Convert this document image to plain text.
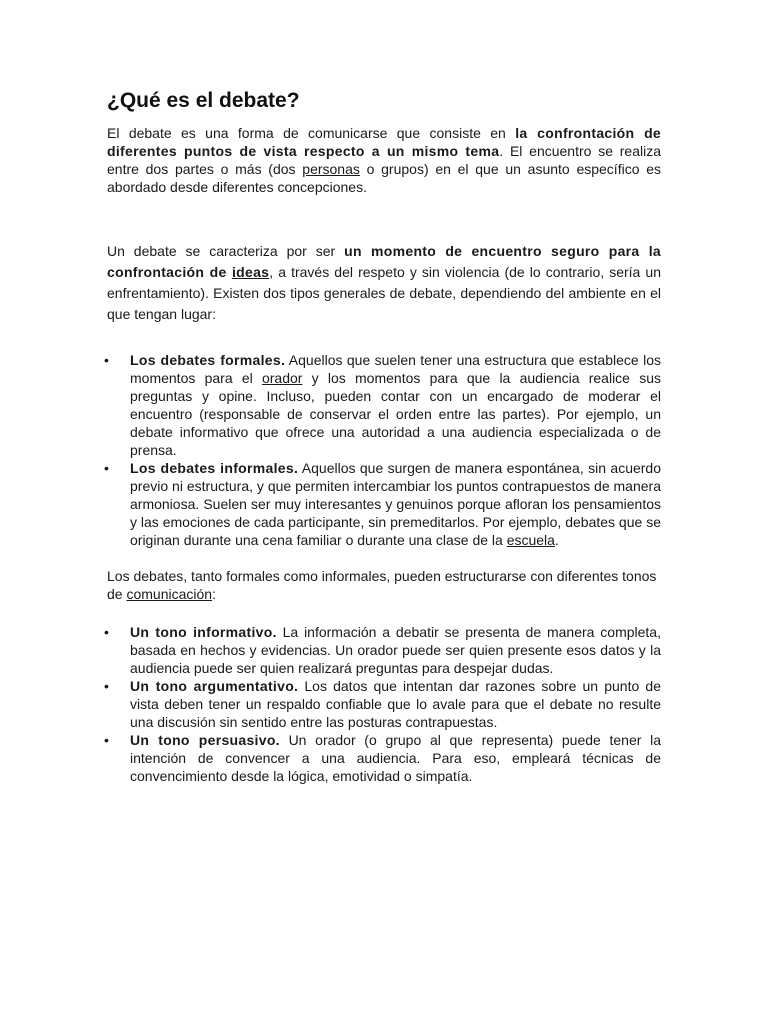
¿Qué es el debate?

El debate es una forma de comunicarse que consiste en la confrontación de diferentes puntos de vista respecto a un mismo tema. El encuentro se realiza entre dos partes o más (dos personas o grupos) en el que un asunto específico es abordado desde diferentes concepciones.

Un debate se caracteriza por ser un momento de encuentro seguro para la confrontación de ideas, a través del respeto y sin violencia (de lo contrario, sería un enfrentamiento). Existen dos tipos generales de debate, dependiendo del ambiente en el que tengan lugar:

• Los debates formales. Aquellos que suelen tener una estructura que establece los momentos para el orador y los momentos para que la audiencia realice sus preguntas y opine. Incluso, pueden contar con un encargado de moderar el encuentro (responsable de conservar el orden entre las partes). Por ejemplo, un debate informativo que ofrece una autoridad a una audiencia especializada o de prensa.
• Los debates informales. Aquellos que surgen de manera espontánea, sin acuerdo previo ni estructura, y que permiten intercambiar los puntos contrapuestos de manera armoniosa. Suelen ser muy interesantes y genuinos porque afloran los pensamientos y las emociones de cada participante, sin premeditarlos. Por ejemplo, debates que se originan durante una cena familiar o durante una clase de la escuela.

Los debates, tanto formales como informales, pueden estructurarse con diferentes tonos de comunicación:

• Un tono informativo. La información a debatir se presenta de manera completa, basada en hechos y evidencias. Un orador puede ser quien presente esos datos y la audiencia puede ser quien realizará preguntas para despejar dudas.
• Un tono argumentativo. Los datos que intentan dar razones sobre un punto de vista deben tener un respaldo confiable que lo avale para que el debate no resulte una discusión sin sentido entre las posturas contrapuestas.
• Un tono persuasivo. Un orador (o grupo al que representa) puede tener la intención de convencer a una audiencia. Para eso, empleará técnicas de convencimiento desde la lógica, emotividad o simpatía.
